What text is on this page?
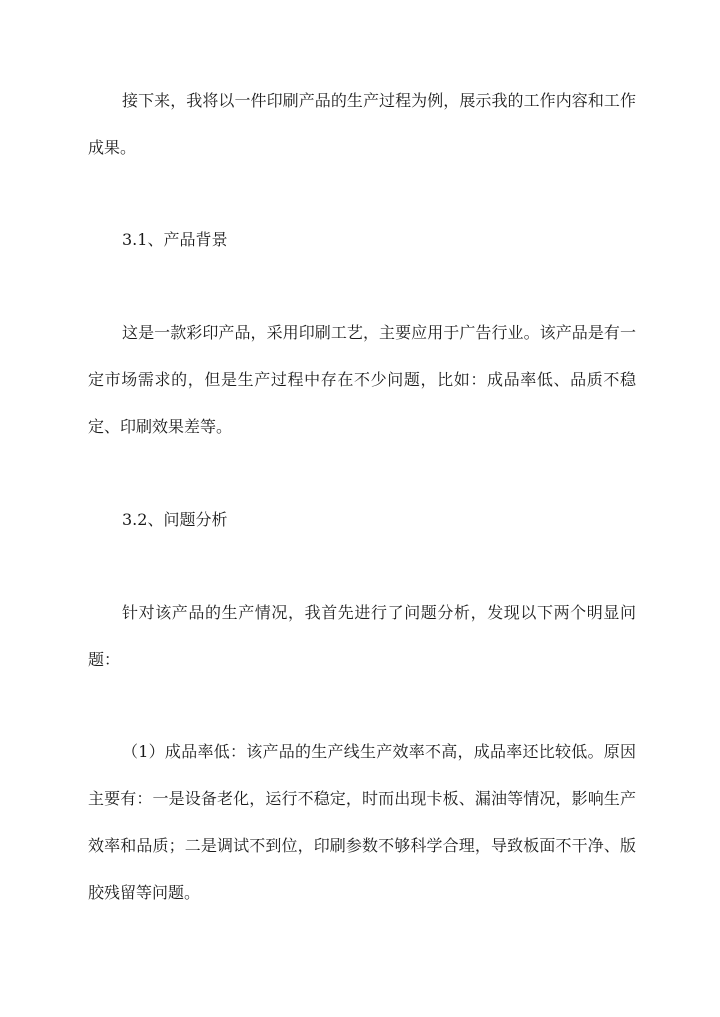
接下来，我将以一件印刷产品的生产过程为例，展示我的工作内容和工作成果。

3.1、产品背景

这是一款彩印产品，采用印刷工艺，主要应用于广告行业。该产品是有一定市场需求的，但是生产过程中存在不少问题，比如：成品率低、品质不稳定、印刷效果差等。

3.2、问题分析

针对该产品的生产情况，我首先进行了问题分析，发现以下两个明显问题：

（1）成品率低：该产品的生产线生产效率不高，成品率还比较低。原因主要有：一是设备老化，运行不稳定，时而出现卡板、漏油等情况，影响生产效率和品质；二是调试不到位，印刷参数不够科学合理，导致板面不干净、版胶残留等问题。
